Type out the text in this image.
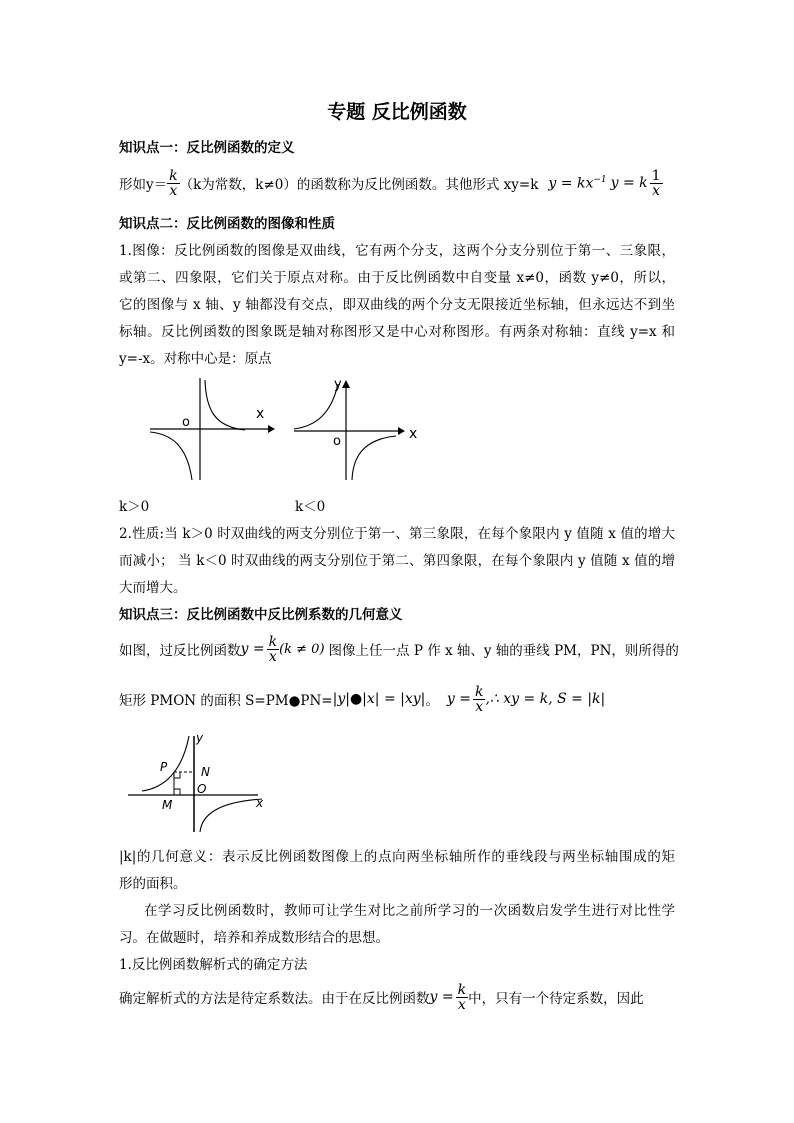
专题 反比例函数
知识点一：反比例函数的定义
形如 $y= \frac{k}{x} (k$为常数，k≠0）的函数称为反比例函数。其他形式 xy=k $y = kx^{-1}$ y = k $\frac{1}{x}$
知识点二：反比例函数的图像和性质
1.图像：反比例函数的图像是双曲线，它有两个分支，这两个分支分别位于第一、三象限，
或第二、四象限，它们关于原点对称。由于反比例函数中自变量 x≠0，函数 y≠0，所以，
它的图像与 x 轴、y 轴都没有交点，即双曲线的两个分支无限接近坐标轴，但永远达不到坐
标轴。反比例函数的图象既是轴对称图形又是中心对称图形。有两条对称轴：直线 y=x 和
y=-x。对称中心是：原点
x
o
x
y
o
k＞0	k＜0
2.性质:当 k＞0 时双曲线的两支分别位于第一、第三象限，在每个象限内 y 值随 x 值的增大
而减小； 当 k＜0 时双曲线的两支分别位于第二、第四象限，在每个象限内 y 值随 x 值的增
大而增大。
知识点三：反比例函数中反比例系数的几何意义
如图，过反比例函数 $y = \frac{k}{x} (k \ne 0)$ 图像上任一点 P 作 x 轴、y 轴的垂线 PM，PN，则所得的
矩形 PMON 的面积 S=PM●PN= |y|●|x| = |xy| 。 $y = \frac{k}{x}$ ,∴ xy = k, S = |k|
y
x
P	N
O
M
|k|的几何意义：表示反比例函数图像上的点向两坐标轴所作的垂线段与两坐标轴围成的矩
形的面积。
在学习反比例函数时，教师可让学生对比之前所学习的一次函数启发学生进行对比性学
习。在做题时，培养和养成数形结合的思想。
1.反比例函数解析式的确定方法
确定解析式的方法是待定系数法。由于在反比例函数 $y = \frac{k}{x}$ 中，只有一个待定系数，因此
